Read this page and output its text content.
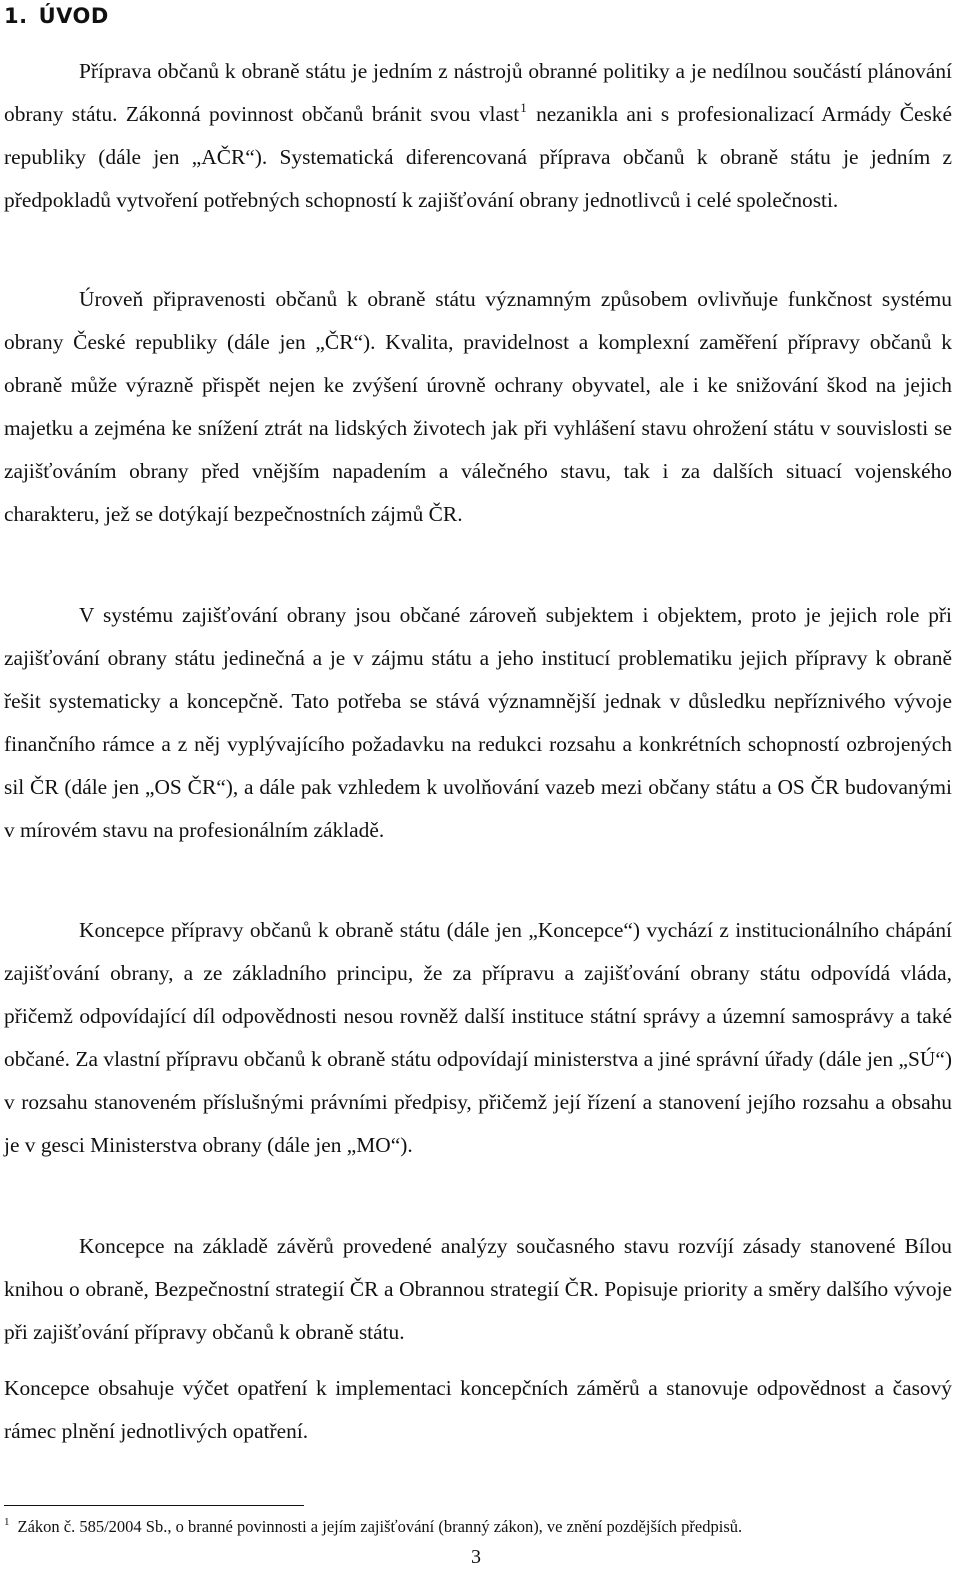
1. ÚVOD

Příprava občanů k obraně státu je jedním z nástrojů obranné politiky a je nedílnou součástí plánování obrany státu. Zákonná povinnost občanů bránit svou vlast$^1$ nezanikla ani s profesionalizací Armády České republiky (dále jen „AČR“). Systematická diferencovaná příprava občanů k obraně státu je jedním z předpokladů vytvoření potřebných schopností k zajišťování obrany jednotlivců i celé společnosti.

Úroveň připravenosti občanů k obraně státu významným způsobem ovlivňuje funkčnost systému obrany České republiky (dále jen „ČR“). Kvalita, pravidelnost a komplexní zaměření přípravy občanů k obraně může výrazně přispět nejen ke zvýšení úrovně ochrany obyvatel, ale i ke snižování škod na jejich majetku a zejména ke snížení ztrát na lidských životech jak při vyhlášení stavu ohrožení státu v souvislosti se zajišťováním obrany před vnějším napadením a válečného stavu, tak i za dalších situací vojenského charakteru, jež se dotýkají bezpečnostních zájmů ČR.

V systému zajišťování obrany jsou občané zároveň subjektem i objektem, proto je jejich role při zajišťování obrany státu jedinečná a je v zájmu státu a jeho institucí problematiku jejich přípravy k obraně řešit systematicky a koncepčně. Tato potřeba se stává významnější jednak v důsledku nepříznivého vývoje finančního rámce a z něj vyplývajícího požadavku na redukci rozsahu a konkrétních schopností ozbrojených sil ČR (dále jen „OS ČR“), a dále pak vzhledem k uvolňování vazeb mezi občany státu a OS ČR budovanými v mírovém stavu na profesionálním základě.

Koncepce přípravy občanů k obraně státu (dále jen „Koncepce“) vychází z institucionálního chápání zajišťování obrany, a ze základního principu, že za přípravu a zajišťování obrany státu odpovídá vláda, přičemž odpovídající díl odpovědnosti nesou rovněž další instituce státní správy a územní samosprávy a také občané. Za vlastní přípravu občanů k obraně státu odpovídají ministerstva a jiné správní úřady (dále jen „SÚ“) v rozsahu stanoveném příslušnými právními předpisy, přičemž její řízení a stanovení jejího rozsahu a obsahu je v gesci Ministerstva obrany (dále jen „MO“).

Koncepce na základě závěrů provedené analýzy současného stavu rozvíjí zásady stanovené Bílou knihou o obraně, Bezpečnostní strategií ČR a Obrannou strategií ČR. Popisuje priority a směry dalšího vývoje při zajišťování přípravy občanů k obraně státu.

Koncepce obsahuje výčet opatření k implementaci koncepčních záměrů a stanovuje odpovědnost a časový rámec plnění jednotlivých opatření.

$^1$ Zákon č. 585/2004 Sb., o branné povinnosti a jejím zajišťování (branný zákon), ve znění pozdějších předpisů.

3
